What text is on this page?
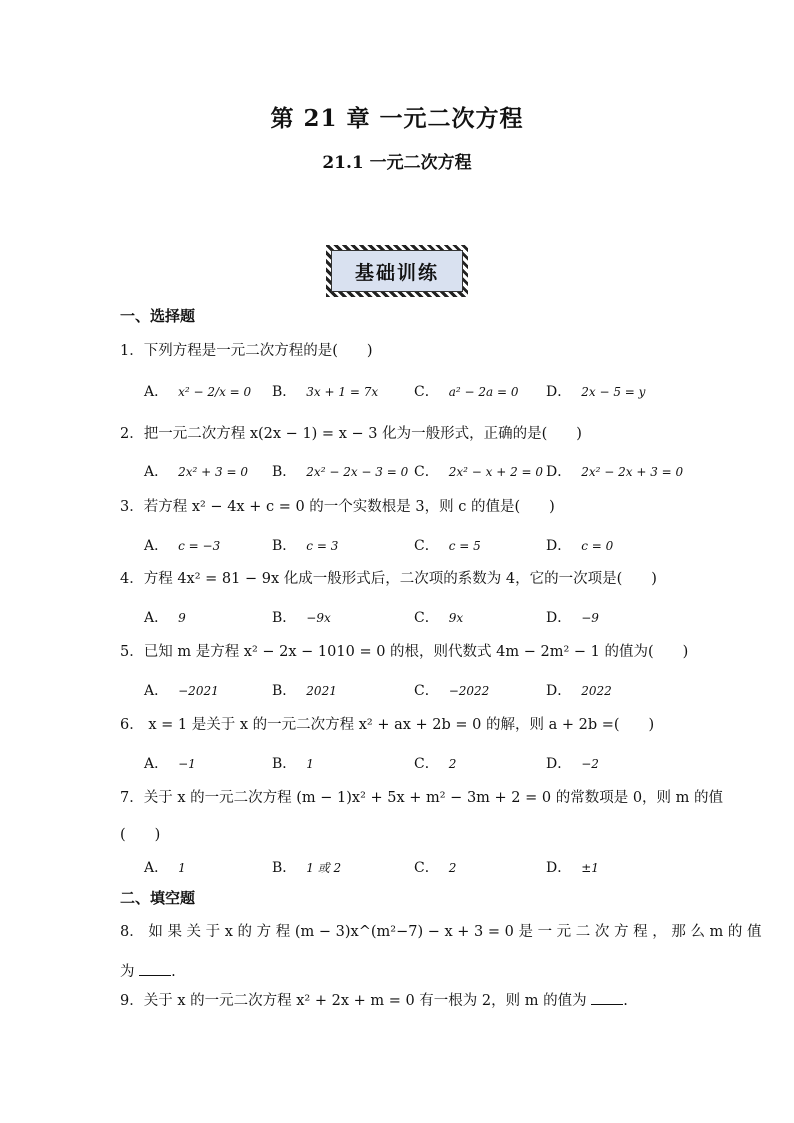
第 21 章 一元二次方程
21.1 一元二次方程
基础训练
一、选择题
1．下列方程是一元二次方程的是(　　)
A． x² − 2/x = 0 B． 3x + 1 = 7x	C． a² − 2a = 0 D． 2x − 5 = y
2．把一元二次方程 x(2x − 1) = x − 3 化为一般形式，正确的是(　　)
A． 2x² + 3 = 0 B． 2x² − 2x − 3 = 0 C． 2x² − x + 2 = 0 D． 2x² − 2x + 3 = 0
3．若方程 x² − 4x + c = 0 的一个实数根是 3，则 c 的值是(　　)
A． c = −3	B． c = 3	C． c = 5	D． c = 0
4．方程 4x² = 81 − 9x 化成一般形式后，二次项的系数为 4，它的一次项是(　　)
A． 9	B． −9x	C． 9x	D． −9
5．已知 m 是方程 x² − 2x − 1010 = 0 的根，则代数式 4m − 2m² − 1 的值为(　　)
A． −2021	B． 2021	C． −2022	D． 2022
6． x = 1 是关于 x 的一元二次方程 x² + ax + 2b = 0 的解，则 a + 2b =(　　)
A． −1	B． 1	C． 2	D． −2
7．关于 x 的一元二次方程 (m − 1)x² + 5x + m² − 3m + 2 = 0 的常数项是 0，则 m 的值
(　　)
A． 1	B． 1 或 2	C． 2	D． ±1
二、填空题
8． 如 果 关 于 x 的 方 程 (m − 3)x^(m²−7) − x + 3 = 0 是 一 元 二 次 方 程 ， 那 么 m 的 值
为	.
9．关于 x 的一元二次方程 x² + 2x + m = 0 有一根为 2，则 m 的值为	.
